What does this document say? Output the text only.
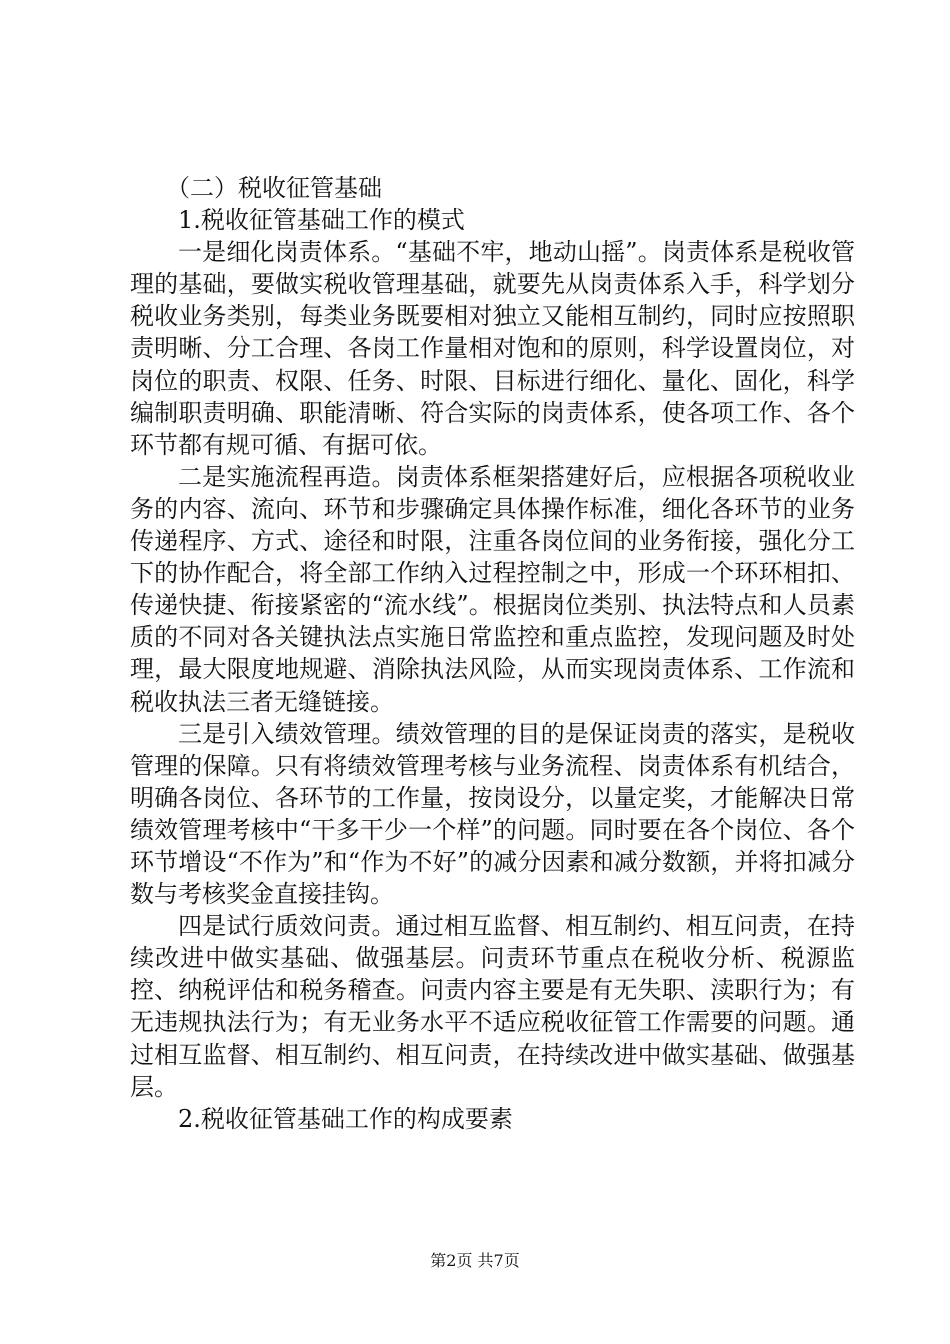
（二）税收征管基础

1.税收征管基础工作的模式

一是细化岗责体系。“基础不牢，地动山摇”。岗责体系是税收管理的基础，要做实税收管理基础，就要先从岗责体系入手，科学划分税收业务类别，每类业务既要相对独立又能相互制约，同时应按照职责明晰、分工合理、各岗工作量相对饱和的原则，科学设置岗位，对岗位的职责、权限、任务、时限、目标进行细化、量化、固化，科学编制职责明确、职能清晰、符合实际的岗责体系，使各项工作、各个环节都有规可循、有据可依。

二是实施流程再造。岗责体系框架搭建好后，应根据各项税收业务的内容、流向、环节和步骤确定具体操作标准，细化各环节的业务传递程序、方式、途径和时限，注重各岗位间的业务衔接，强化分工下的协作配合，将全部工作纳入过程控制之中，形成一个环环相扣、传递快捷、衔接紧密的“流水线”。根据岗位类别、执法特点和人员素质的不同对各关键执法点实施日常监控和重点监控，发现问题及时处理，最大限度地规避、消除执法风险，从而实现岗责体系、工作流和税收执法三者无缝链接。

三是引入绩效管理。绩效管理的目的是保证岗责的落实，是税收管理的保障。只有将绩效管理考核与业务流程、岗责体系有机结合，明确各岗位、各环节的工作量，按岗设分，以量定奖，才能解决日常绩效管理考核中“干多干少一个样”的问题。同时要在各个岗位、各个环节增设“不作为”和“作为不好”的减分因素和减分数额，并将扣减分数与考核奖金直接挂钩。

四是试行质效问责。通过相互监督、相互制约、相互问责，在持续改进中做实基础、做强基层。问责环节重点在税收分析、税源监控、纳税评估和税务稽查。问责内容主要是有无失职、渎职行为；有无违规执法行为；有无业务水平不适应税收征管工作需要的问题。通过相互监督、相互制约、相互问责，在持续改进中做实基础、做强基层。

2.税收征管基础工作的构成要素

第2页 共7页
